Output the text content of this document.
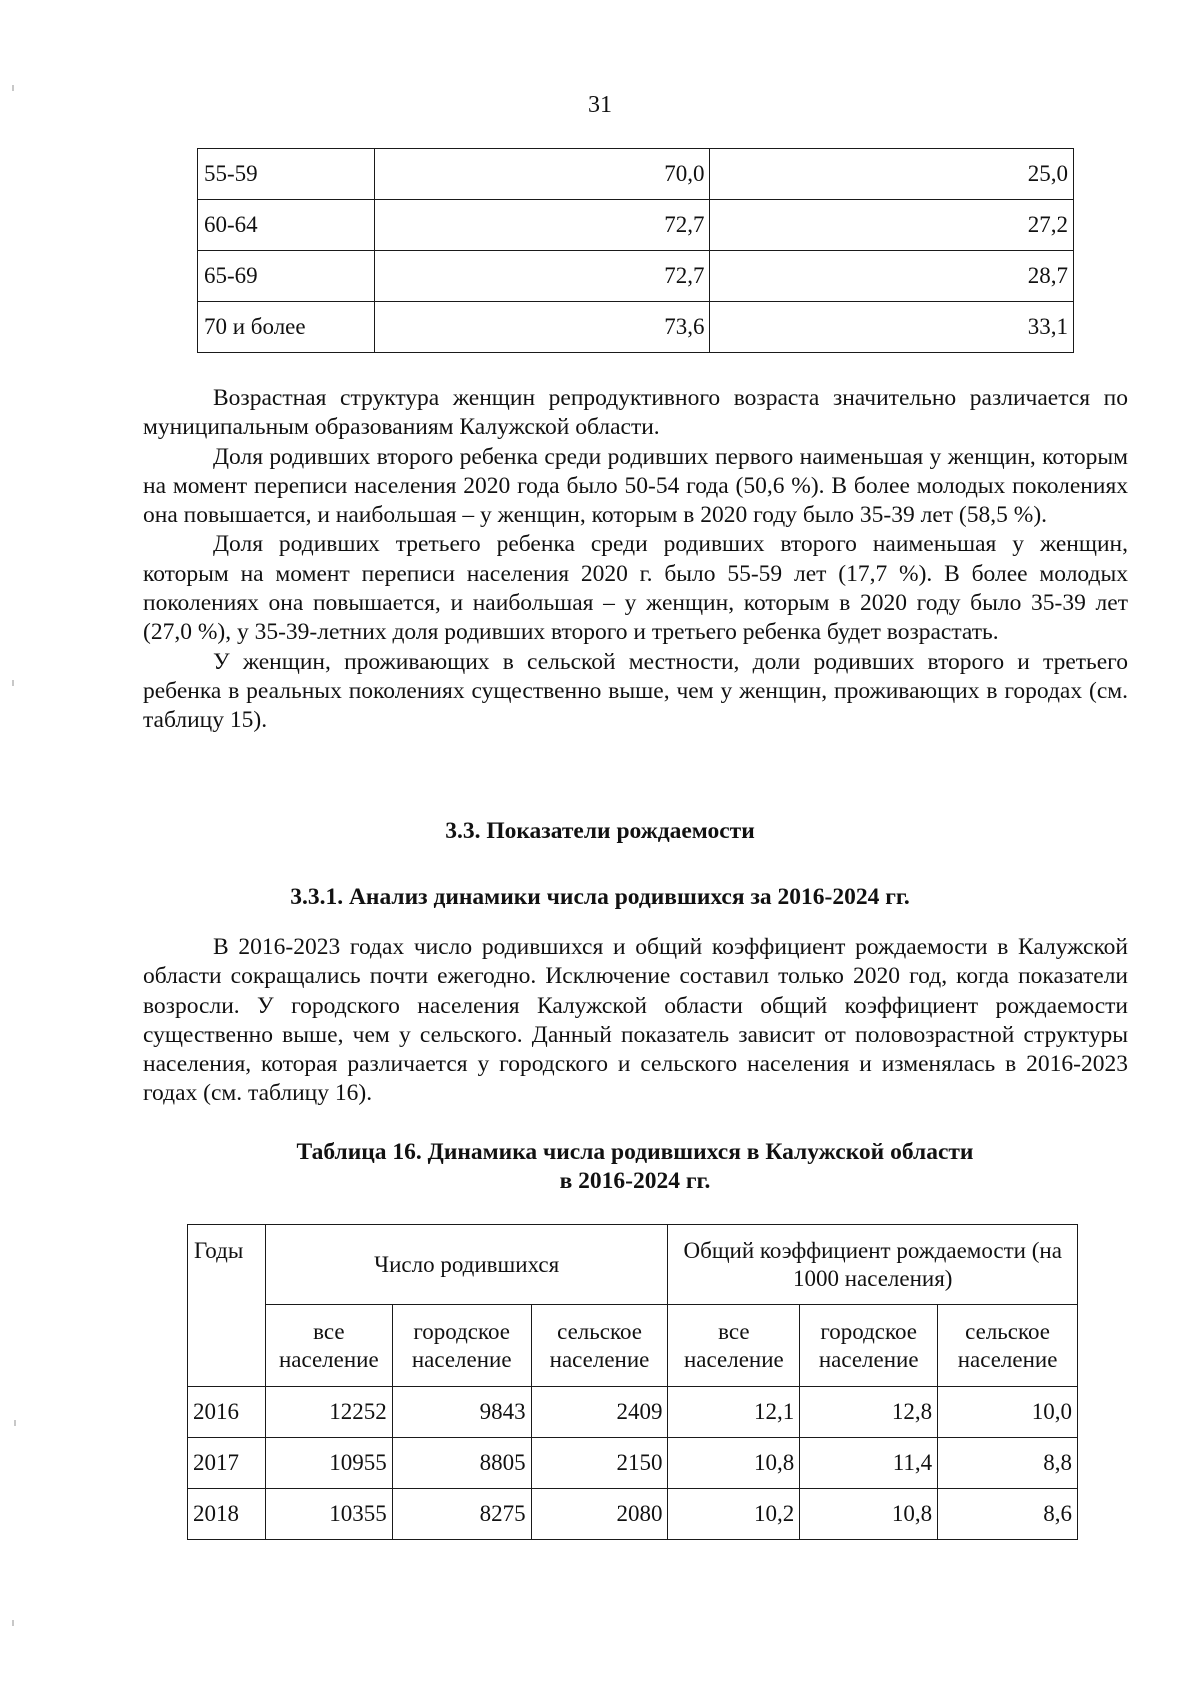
31
55-59	70,0	25,0
60-64	72,7	27,2
65-69	72,7	28,7
70 и более	73,6	33,1

Возрастная структура женщин репродуктивного возраста значительно различается по муниципальным образованиям Калужской области.

Доля родивших второго ребенка среди родивших первого наименьшая у женщин, которым на момент переписи населения 2020 года было 50-54 года (50,6 %). В более молодых поколениях она повышается, и наибольшая – у женщин, которым в 2020 году было 35-39 лет (58,5 %).

Доля родивших третьего ребенка среди родивших второго наименьшая у женщин, которым на момент переписи населения 2020 г. было 55-59 лет (17,7 %). В более молодых поколениях она повышается, и наибольшая – у женщин, которым в 2020 году было 35-39 лет (27,0 %), у 35-39-летних доля родивших второго и третьего ребенка будет возрастать.

У женщин, проживающих в сельской местности, доли родивших второго и третьего ребенка в реальных поколениях существенно выше, чем у женщин, проживающих в городах (см. таблицу 15).

3.3. Показатели рождаемости
3.3.1. Анализ динамики числа родившихся за 2016-2024 гг.

В 2016-2023 годах число родившихся и общий коэффициент рождаемости в Калужской области сокращались почти ежегодно. Исключение составил только 2020 год, когда показатели возросли. У городского населения Калужской области общий коэффициент рождаемости существенно выше, чем у сельского. Данный показатель зависит от половозрастной структуры населения, которая различается у городского и сельского населения и изменялась в 2016-2023 годах (см. таблицу 16).

Таблица 16. Динамика числа родившихся в Калужской области
в 2016-2024 гг.
Годы	Число родившихся			Общий коэффициент рождаемости (на 1000 населения)		
	все население	городское население	сельское население	все население	городское население	сельское население
2016	12252	9843	2409	12,1	12,8	10,0
2017	10955	8805	2150	10,8	11,4	8,8
2018	10355	8275	2080	10,2	10,8	8,6
